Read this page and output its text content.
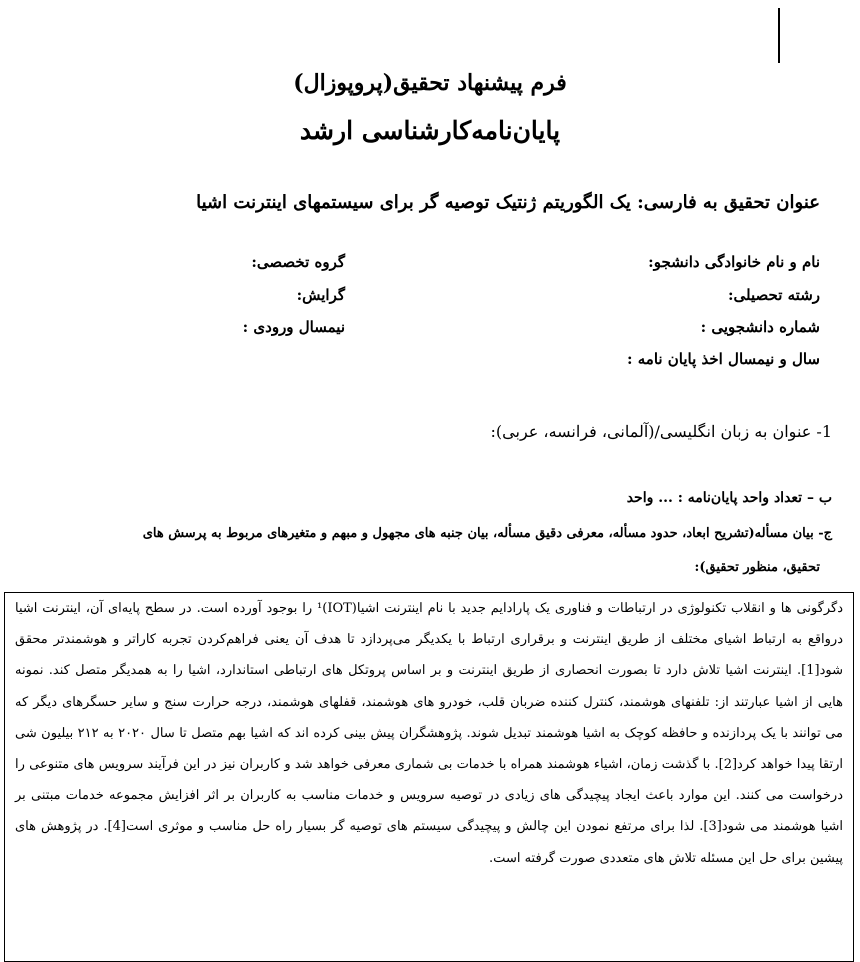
فرم پیشنهاد تحقیق(پروپوزال)
پایان‌نامه‌کارشناسی ارشد
عنوان تحقیق به فارسی: یک الگوریتم ژنتیک توصیه گر برای سیستمهای اینترنت اشیا
نام و نام خانوادگی دانشجو:
گروه تخصصی:
رشته تحصیلی:
گرایش:
شماره دانشجویی :
نیمسال ورودی :
سال و نیمسال اخذ پایان نامه :
1- عنوان به زبان انگلیسی/(آلمانی، فرانسه، عربی):
ب – تعداد واحد پایان‌نامه : ... واحد
ج- بیان مسأله(تشریح ابعاد، حدود مسأله، معرفی دقیق مسأله، بیان جنبه های مجهول و مبهم و متغیرهای مربوط به پرسش های
تحقیق، منظور تحقیق):

دگرگونی ها و انقلاب تکنولوژی در ارتباطات و فناوری یک پارادایم جدید با نام اینترنت اشیا(IOT)¹ را بوجود آورده است. در سطح پایه‌ای آن، اینترنت اشیا درواقع به ارتباط اشیای مختلف از طریق اینترنت و برقراری ارتباط با یکدیگر می‌پردازد تا هدف آن یعنی فراهم‌کردن تجربه کاراتر و هوشمندتر محقق شود[1]. اینترنت اشیا تلاش دارد تا بصورت انحصاری از طریق اینترنت و بر اساس پروتکل های ارتباطی استاندارد، اشیا را به همدیگر متصل کند. نمونه هایی از اشیا عبارتند از: تلفنهای هوشمند، کنترل کننده ضربان قلب، خودرو های هوشمند، قفلهای هوشمند، درجه حرارت سنج و سایر حسگرهای دیگر که می توانند با یک پردازنده و حافظه کوچک به اشیا هوشمند تبدیل شوند. پژوهشگران پیش بینی کرده اند که اشیا بهم متصل تا سال ۲۰۲۰ به ۲۱۲ بیلیون شی ارتقا پیدا خواهد کرد[2]. با گذشت زمان، اشیاء هوشمند همراه با خدمات بی شماری معرفی خواهد شد و کاربران نیز در این فرآیند سرویس های متنوعی را درخواست می کنند. این موارد باعث ایجاد پیچیدگی های زیادی در توصیه سرویس و خدمات مناسب به کاربران بر اثر افزایش مجموعه خدمات مبتنی بر اشیا هوشمند می شود[3]. لذا برای مرتفع نمودن این چالش و پیچیدگی سیستم های توصیه گر بسیار راه حل مناسب و موثری است[4]. در پژوهش های پیشین برای حل این مسئله تلاش های متعددی صورت گرفته است.
